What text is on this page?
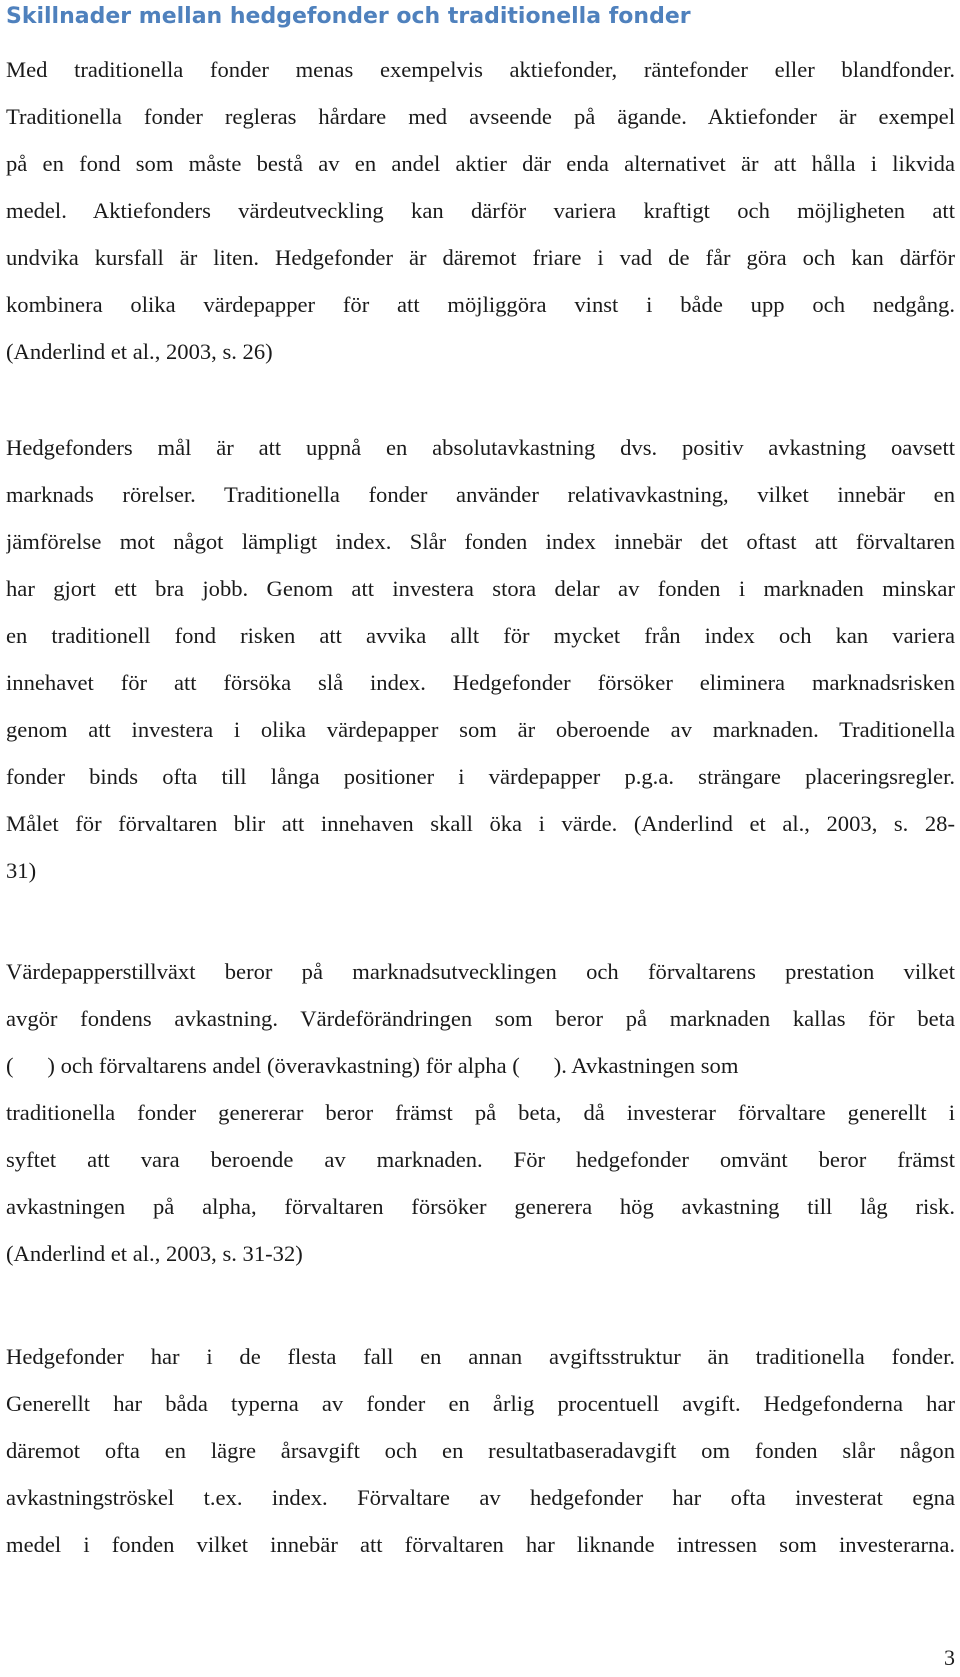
Skillnader mellan hedgefonder och traditionella fonder
Med traditionella fonder menas exempelvis aktiefonder, räntefonder eller blandfonder.
Traditionella fonder regleras hårdare med avseende på ägande. Aktiefonder är exempel
på en fond som måste bestå av en andel aktier där enda alternativet är att hålla i likvida
medel. Aktiefonders värdeutveckling kan därför variera kraftigt och möjligheten att
undvika kursfall är liten. Hedgefonder är däremot friare i vad de får göra och kan därför
kombinera olika värdepapper för att möjliggöra vinst i både upp och nedgång.
(Anderlind et al., 2003, s. 26)
Hedgefonders mål är att uppnå en absolutavkastning dvs. positiv avkastning oavsett
marknads rörelser. Traditionella fonder använder relativavkastning, vilket innebär en
jämförelse mot något lämpligt index. Slår fonden index innebär det oftast att förvaltaren
har gjort ett bra jobb. Genom att investera stora delar av fonden i marknaden minskar
en traditionell fond risken att avvika allt för mycket från index och kan variera
innehavet för att försöka slå index. Hedgefonder försöker eliminera marknadsrisken
genom att investera i olika värdepapper som är oberoende av marknaden. Traditionella
fonder binds ofta till långa positioner i värdepapper p.g.a. strängare placeringsregler.
Målet för förvaltaren blir att innehaven skall öka i värde. (Anderlind et al., 2003, s. 28-
31)
Värdepapperstillväxt beror på marknadsutvecklingen och förvaltarens prestation vilket
avgör fondens avkastning. Värdeförändringen som beror på marknaden kallas för beta
(      ) och förvaltarens andel (överavkastning) för alpha (      ). Avkastningen som
traditionella fonder genererar beror främst på beta, då investerar förvaltare generellt i
syftet att vara beroende av marknaden. För hedgefonder omvänt beror främst
avkastningen på alpha, förvaltaren försöker generera hög avkastning till låg risk.
(Anderlind et al., 2003, s. 31-32)
Hedgefonder har i de flesta fall en annan avgiftsstruktur än traditionella fonder.
Generellt har båda typerna av fonder en årlig procentuell avgift. Hedgefonderna har
däremot ofta en lägre årsavgift och en resultatbaseradavgift om fonden slår någon
avkastningströskel t.ex. index. Förvaltare av hedgefonder har ofta investerat egna
medel i fonden vilket innebär att förvaltaren har liknande intressen som investerarna.
3
